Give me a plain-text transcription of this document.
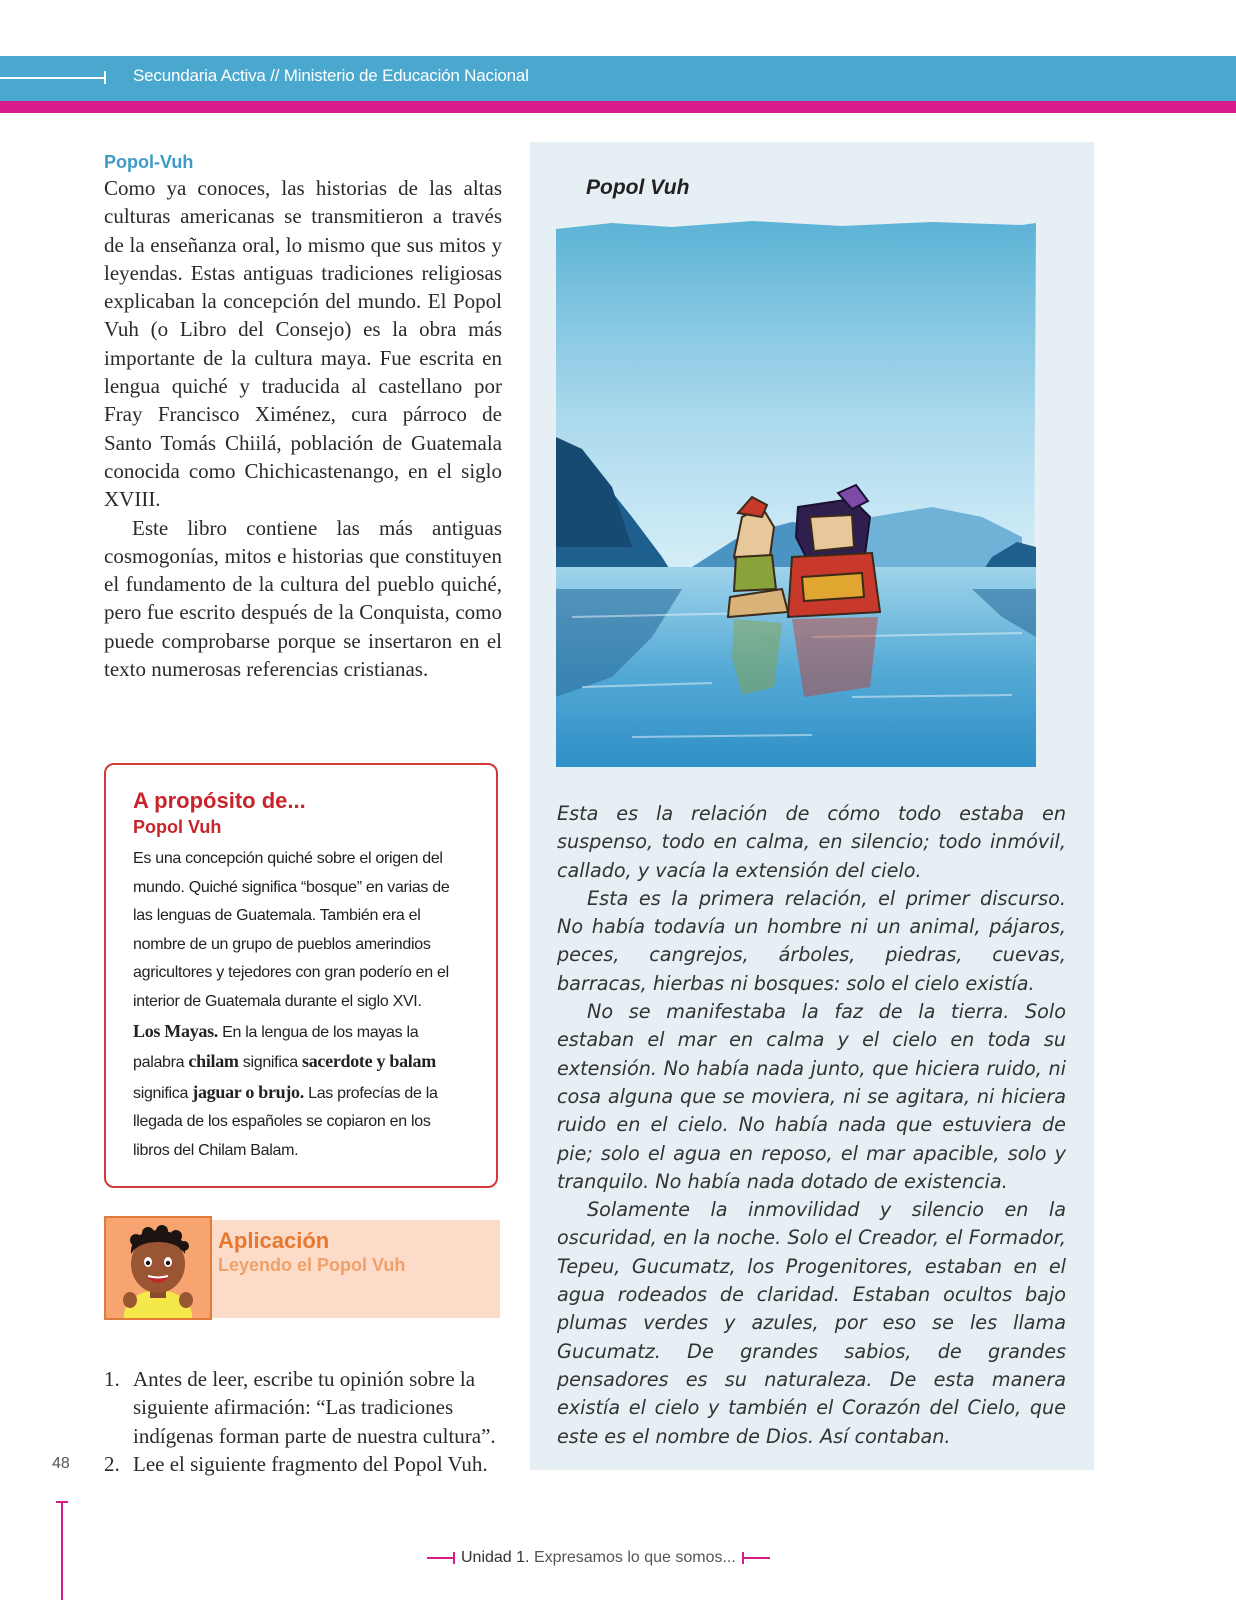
Secundaria Activa // Ministerio de Educación Nacional
Popol-Vuh

Como ya conoces, las historias de las altas culturas americanas se transmitieron a través de la enseñanza oral, lo mismo que sus mitos y leyendas. Estas antiguas tradiciones religiosas explicaban la concepción del mundo. El Popol Vuh (o Libro del Consejo) es la obra más importante de la cultura maya. Fue escrita en lengua quiché y traducida al castellano por Fray Francisco Ximénez, cura párroco de Santo Tomás Chiilá, población de Guatemala conocida como Chichicastenango, en el siglo XVIII.

Este libro contiene las más antiguas cosmogonías, mitos e historias que constituyen el fundamento de la cultura del pueblo quiché, pero fue escrito después de la Conquista, como puede comprobarse porque se insertaron en el texto numerosas referencias cristianas.

A propósito de...
Popol Vuh

Es una concepción quiché sobre el origen del mundo. Quiché significa “bosque” en varias de las lenguas de Guatemala. También era el nombre de un grupo de pueblos amerindios agricultores y tejedores con gran poderío en el interior de Guatemala durante el siglo XVI.
Los Mayas. En la lengua de los mayas la palabra chilam significa sacerdote y balam significa jaguar o brujo. Las profecías de la llegada de los españoles se copiaron en los libros del Chilam Balam.

Aplicación
Leyendo el Popol Vuh
1. Antes de leer, escribe tu opinión sobre la siguiente afirmación: “Las tradiciones indígenas forman parte de nuestra cultura”.
2. Lee el siguiente fragmento del Popol Vuh.
48
Popol Vuh

Esta es la relación de cómo todo estaba en suspenso, todo en calma, en silencio; todo inmóvil, callado, y vacía la extensión del cielo.

Esta es la primera relación, el primer discurso. No había todavía un hombre ni un animal, pájaros, peces, cangrejos, árboles, piedras, cuevas, barracas, hierbas ni bosques: solo el cielo existía.

No se manifestaba la faz de la tierra. Solo estaban el mar en calma y el cielo en toda su extensión. No había nada junto, que hiciera ruido, ni cosa alguna que se moviera, ni se agitara, ni hiciera ruido en el cielo. No había nada que estuviera de pie; solo el agua en reposo, el mar apacible, solo y tranquilo. No había nada dotado de existencia.

Solamente la inmovilidad y silencio en la oscuridad, en la noche. Solo el Creador, el Formador, Tepeu, Gucumatz, los Progenitores, estaban en el agua rodeados de claridad. Estaban ocultos bajo plumas verdes y azules, por eso se les llama Gucumatz. De grandes sabios, de grandes pensadores es su naturaleza. De esta manera existía el cielo y también el Corazón del Cielo, que este es el nombre de Dios. Así contaban.

Unidad 1. Expresamos lo que somos...
